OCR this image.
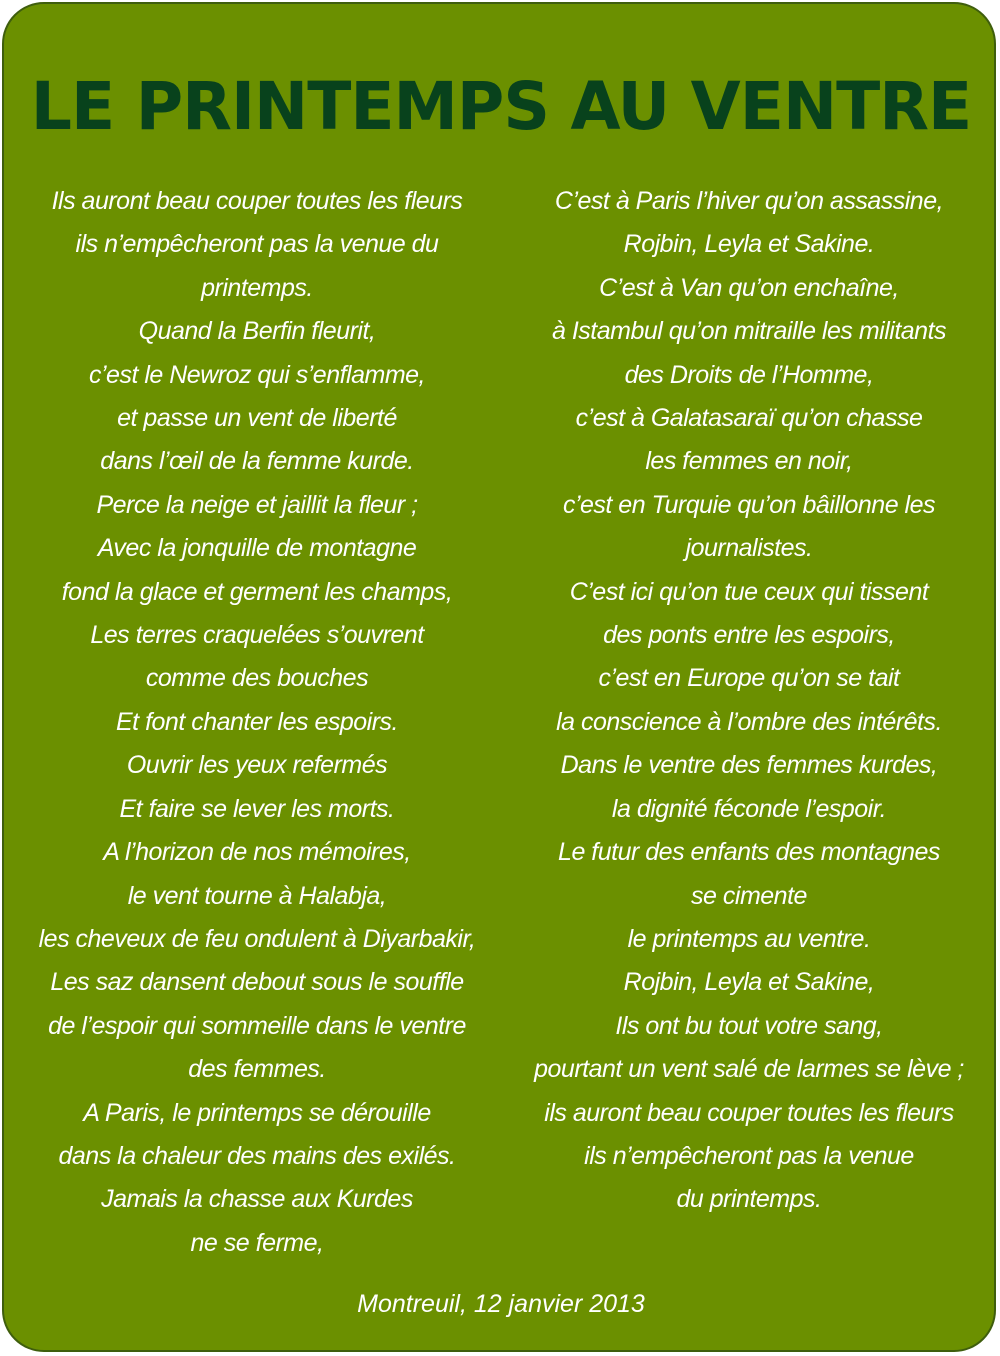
LE PRINTEMPS AU VENTRE
Ils auront beau couper toutes les fleurs
ils n’empêcheront pas la venue du
printemps.
Quand la Berfin fleurit,
c’est le Newroz qui s’enflamme,
et passe un vent de liberté
dans l’œil de la femme kurde.
Perce la neige et jaillit la fleur ;
Avec la jonquille de montagne
fond la glace et germent les champs,
Les terres craquelées s’ouvrent
comme des bouches
Et font chanter les espoirs.
Ouvrir les yeux refermés
Et faire se lever les morts.
A l’horizon de nos mémoires,
le vent tourne à Halabja,
les cheveux de feu ondulent à Diyarbakir,
Les saz dansent debout sous le souffle
de l’espoir qui sommeille dans le ventre
des femmes.
A Paris, le printemps se dérouille
dans la chaleur des mains des exilés.
Jamais la chasse aux Kurdes
ne se ferme,
C’est à Paris l’hiver qu’on assassine,
Rojbin, Leyla et Sakine.
C’est à Van qu’on enchaîne,
à Istambul qu’on mitraille les militants
des Droits de l’Homme,
c’est à Galatasaraï qu’on chasse
les femmes en noir,
c’est en Turquie qu’on bâillonne les
journalistes.
C’est ici qu’on tue ceux qui tissent
des ponts entre les espoirs,
c’est en Europe qu’on se tait
la conscience à l’ombre des intérêts.
Dans le ventre des femmes kurdes,
la dignité féconde l’espoir.
Le futur des enfants des montagnes
se cimente
le printemps au ventre.
Rojbin, Leyla et Sakine,
Ils ont bu tout votre sang,
pourtant un vent salé de larmes se lève ;
ils auront beau couper toutes les fleurs
ils n’empêcheront pas la venue
du printemps.

Montreuil, 12 janvier 2013
